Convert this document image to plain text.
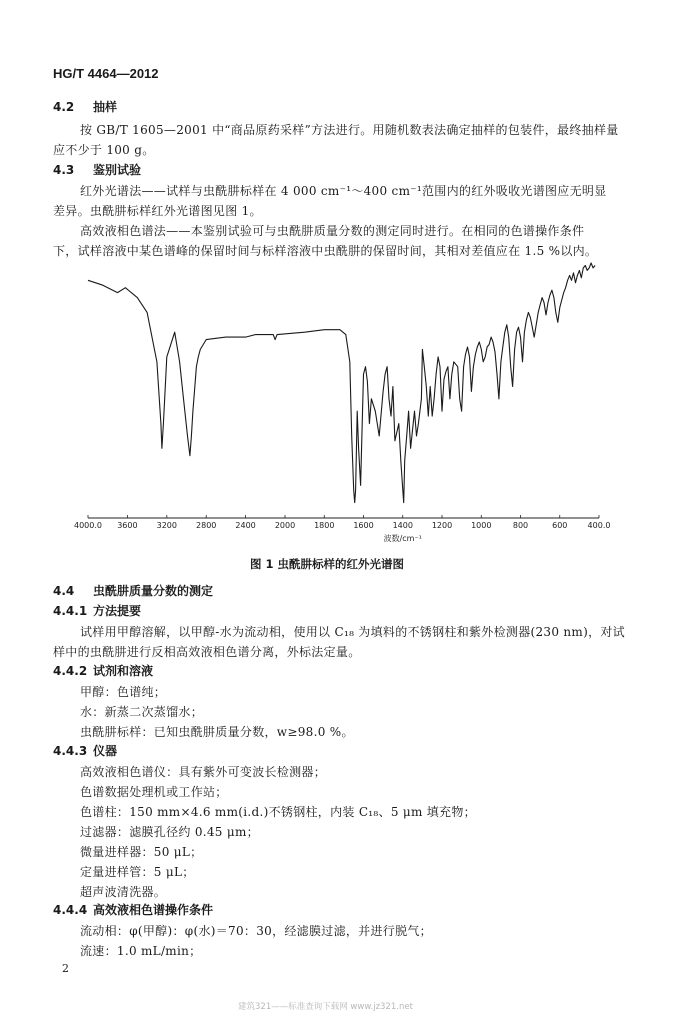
HG/T 4464—2012
4.2 抽样
按 GB/T 1605—2001 中“商品原药采样”方法进行。用随机数表法确定抽样的包装件，最终抽样量
应不少于 100 g。
4.3 鉴别试验
红外光谱法——试样与虫酰肼标样在 4 000 cm⁻¹～400 cm⁻¹范围内的红外吸收光谱图应无明显
差异。虫酰肼标样红外光谱图见图 1。
高效液相色谱法——本鉴别试验可与虫酰肼质量分数的测定同时进行。在相同的色谱操作条件
下，试样溶液中某色谱峰的保留时间与标样溶液中虫酰肼的保留时间，其相对差值应在 1.5 %以内。
4000.0 3600 3200 2800 2400 2000 1800 1600 1400 1200 1000	800	600	400.0
波数/cm⁻¹
图 1 虫酰肼标样的红外光谱图
4.4 虫酰肼质量分数的测定
4.4.1 方法提要
试样用甲醇溶解，以甲醇-水为流动相，使用以 C₁₈ 为填料的不锈钢柱和紫外检测器(230 nm)，对试
样中的虫酰肼进行反相高效液相色谱分离，外标法定量。
4.4.2 试剂和溶液
甲醇：色谱纯；
水：新蒸二次蒸馏水；
虫酰肼标样：已知虫酰肼质量分数，w≥98.0 %。
4.4.3 仪器
高效液相色谱仪：具有紫外可变波长检测器；
色谱数据处理机或工作站；
色谱柱：150 mm×4.6 mm(i.d.)不锈钢柱，内装 C₁₈、5 μm 填充物；
过滤器：滤膜孔径约 0.45 μm；
微量进样器：50 μL；
定量进样管：5 μL；
超声波清洗器。
4.4.4 高效液相色谱操作条件
流动相：φ(甲醇)：φ(水)＝70：30，经滤膜过滤，并进行脱气；
流速：1.0 mL/min；
2
建筑321——标准查询下载网 www.jz321.net
